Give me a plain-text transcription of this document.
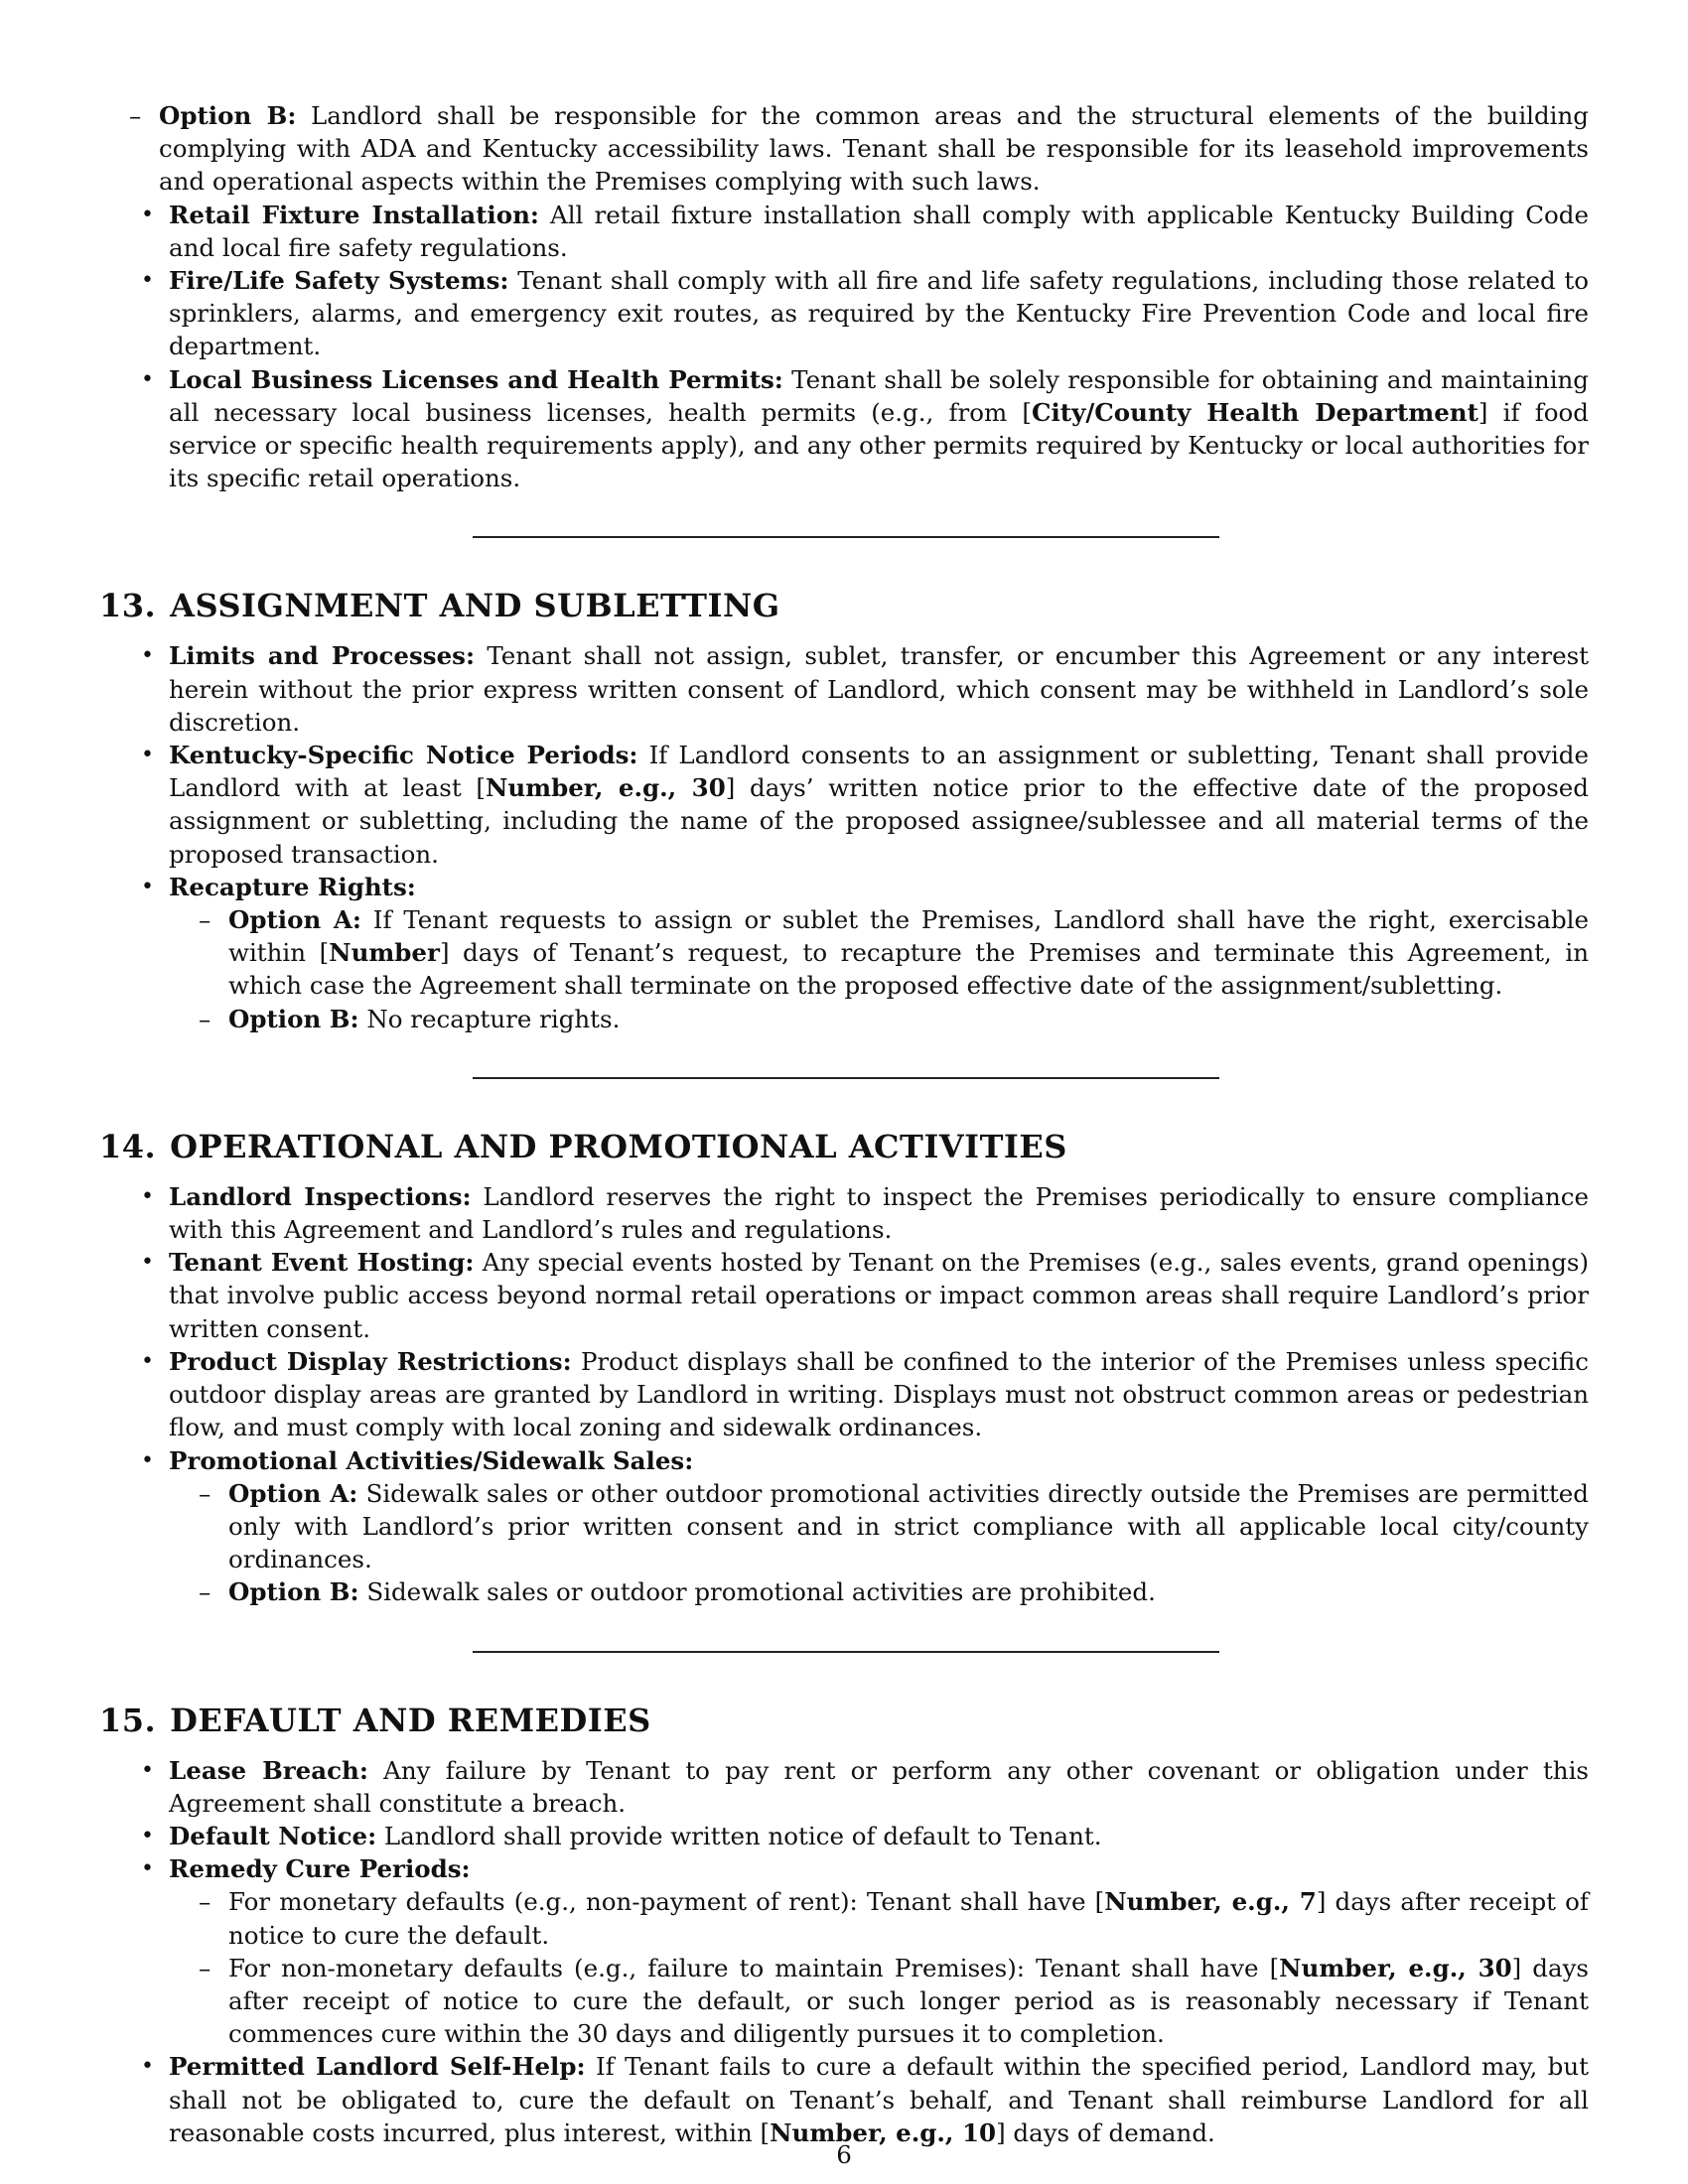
– Option B: Landlord shall be responsible for the common areas and the structural elements of the building complying with ADA and Kentucky accessibility laws. Tenant shall be responsible for its leasehold improvements and operational aspects within the Premises complying with such laws.
• Retail Fixture Installation: All retail fixture installation shall comply with applicable Kentucky Building Code and local fire safety regulations.
• Fire/Life Safety Systems: Tenant shall comply with all fire and life safety regulations, including those related to sprinklers, alarms, and emergency exit routes, as required by the Kentucky Fire Prevention Code and local fire department.
• Local Business Licenses and Health Permits: Tenant shall be solely responsible for obtaining and maintaining all necessary local business licenses, health permits (e.g., from [City/County Health Department] if food service or specific health requirements apply), and any other permits required by Kentucky or local authorities for its specific retail operations.
13. ASSIGNMENT AND SUBLETTING
• Limits and Processes: Tenant shall not assign, sublet, transfer, or encumber this Agreement or any interest herein without the prior express written consent of Landlord, which consent may be withheld in Landlord’s sole discretion.
• Kentucky-Specific Notice Periods: If Landlord consents to an assignment or subletting, Tenant shall provide Landlord with at least [Number, e.g., 30] days’ written notice prior to the effective date of the proposed assignment or subletting, including the name of the proposed assignee/sublessee and all material terms of the proposed transaction.
• Recapture Rights:
– Option A: If Tenant requests to assign or sublet the Premises, Landlord shall have the right, exercisable within [Number] days of Tenant’s request, to recapture the Premises and terminate this Agreement, in which case the Agreement shall terminate on the proposed effective date of the assignment/subletting.
– Option B: No recapture rights.
14. OPERATIONAL AND PROMOTIONAL ACTIVITIES
• Landlord Inspections: Landlord reserves the right to inspect the Premises periodically to ensure compliance with this Agreement and Landlord’s rules and regulations.
• Tenant Event Hosting: Any special events hosted by Tenant on the Premises (e.g., sales events, grand openings) that involve public access beyond normal retail operations or impact common areas shall require Landlord’s prior written consent.
• Product Display Restrictions: Product displays shall be confined to the interior of the Premises unless specific outdoor display areas are granted by Landlord in writing. Displays must not obstruct common areas or pedestrian flow, and must comply with local zoning and sidewalk ordinances.
• Promotional Activities/Sidewalk Sales:
– Option A: Sidewalk sales or other outdoor promotional activities directly outside the Premises are permitted only with Landlord’s prior written consent and in strict compliance with all applicable local city/county ordinances.
– Option B: Sidewalk sales or outdoor promotional activities are prohibited.
15. DEFAULT AND REMEDIES
• Lease Breach: Any failure by Tenant to pay rent or perform any other covenant or obligation under this Agreement shall constitute a breach.
• Default Notice: Landlord shall provide written notice of default to Tenant.
• Remedy Cure Periods:
– For monetary defaults (e.g., non-payment of rent): Tenant shall have [Number, e.g., 7] days after receipt of notice to cure the default.
– For non-monetary defaults (e.g., failure to maintain Premises): Tenant shall have [Number, e.g., 30] days after receipt of notice to cure the default, or such longer period as is reasonably necessary if Tenant commences cure within the 30 days and diligently pursues it to completion.
• Permitted Landlord Self-Help: If Tenant fails to cure a default within the specified period, Landlord may, but shall not be obligated to, cure the default on Tenant’s behalf, and Tenant shall reimburse Landlord for all reasonable costs incurred, plus interest, within [Number, e.g., 10] days of demand.
6
